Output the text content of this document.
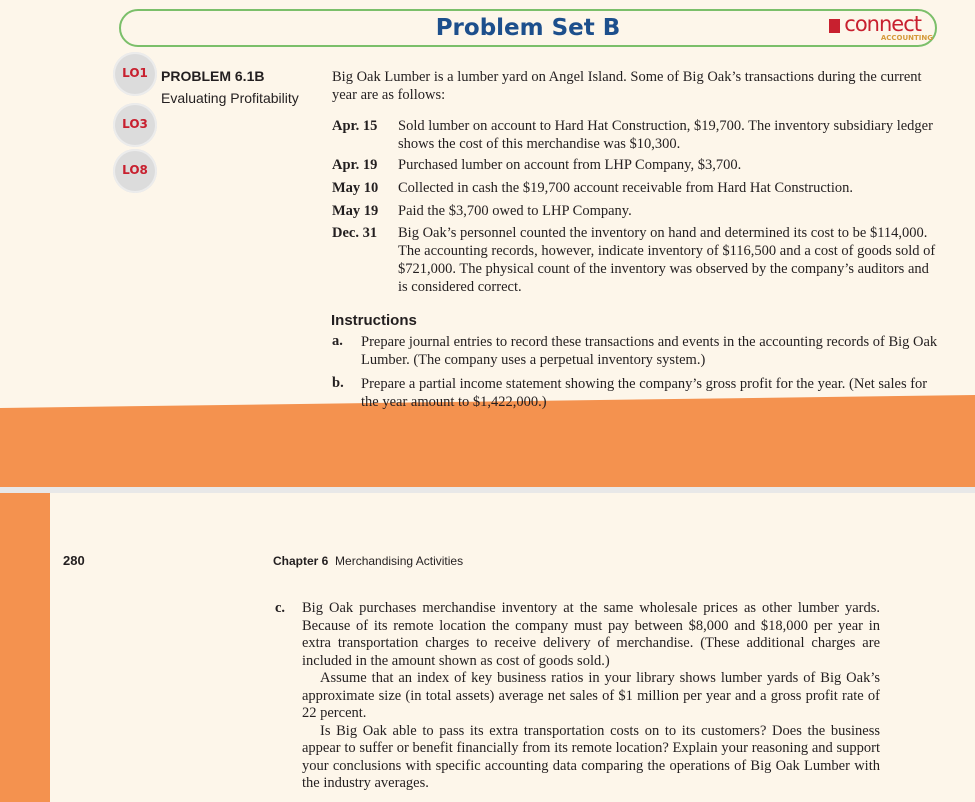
Problem Set B	connect
ACCOUNTING
LO1
LO3
LO8
PROBLEM 6.1B
Evaluating Profitability
Big Oak Lumber is a lumber yard on Angel Island. Some of Big Oak’s transactions during the current year are as follows:
Apr. 15 Sold lumber on account to Hard Hat Construction, $19,700. The inventory subsidiary ledger shows the cost of this merchandise was $10,300.
Apr. 19 Purchased lumber on account from LHP Company, $3,700.
May 10 Collected in cash the $19,700 account receivable from Hard Hat Construction.
May 19 Paid the $3,700 owed to LHP Company.
Dec. 31 Big Oak’s personnel counted the inventory on hand and determined its cost to be $114,000. The accounting records, however, indicate inventory of $116,500 and a cost of goods sold of $721,000. The physical count of the inventory was observed by the company’s auditors and is considered correct.
Instructions
a. Prepare journal entries to record these transactions and events in the accounting records of Big Oak Lumber. (The company uses a perpetual inventory system.)
b. Prepare a partial income statement showing the company’s gross profit for the year. (Net sales for the year amount to $1,422,000.)
280	Chapter 6 Merchandising Activities
c. Big Oak purchases merchandise inventory at the same wholesale prices as other lumber yards. Because of its remote location the company must pay between $8,000 and $18,000 per year in extra transportation charges to receive delivery of merchandise. (These additional charges are included in the amount shown as cost of goods sold.)

Assume that an index of key business ratios in your library shows lumber yards of Big Oak’s approximate size (in total assets) average net sales of $1 million per year and a gross profit rate of 22 percent.

Is Big Oak able to pass its extra transportation costs on to its customers? Does the business appear to suffer or benefit financially from its remote location? Explain your reasoning and support your conclusions with specific accounting data comparing the operations of Big Oak Lumber with the industry averages.
